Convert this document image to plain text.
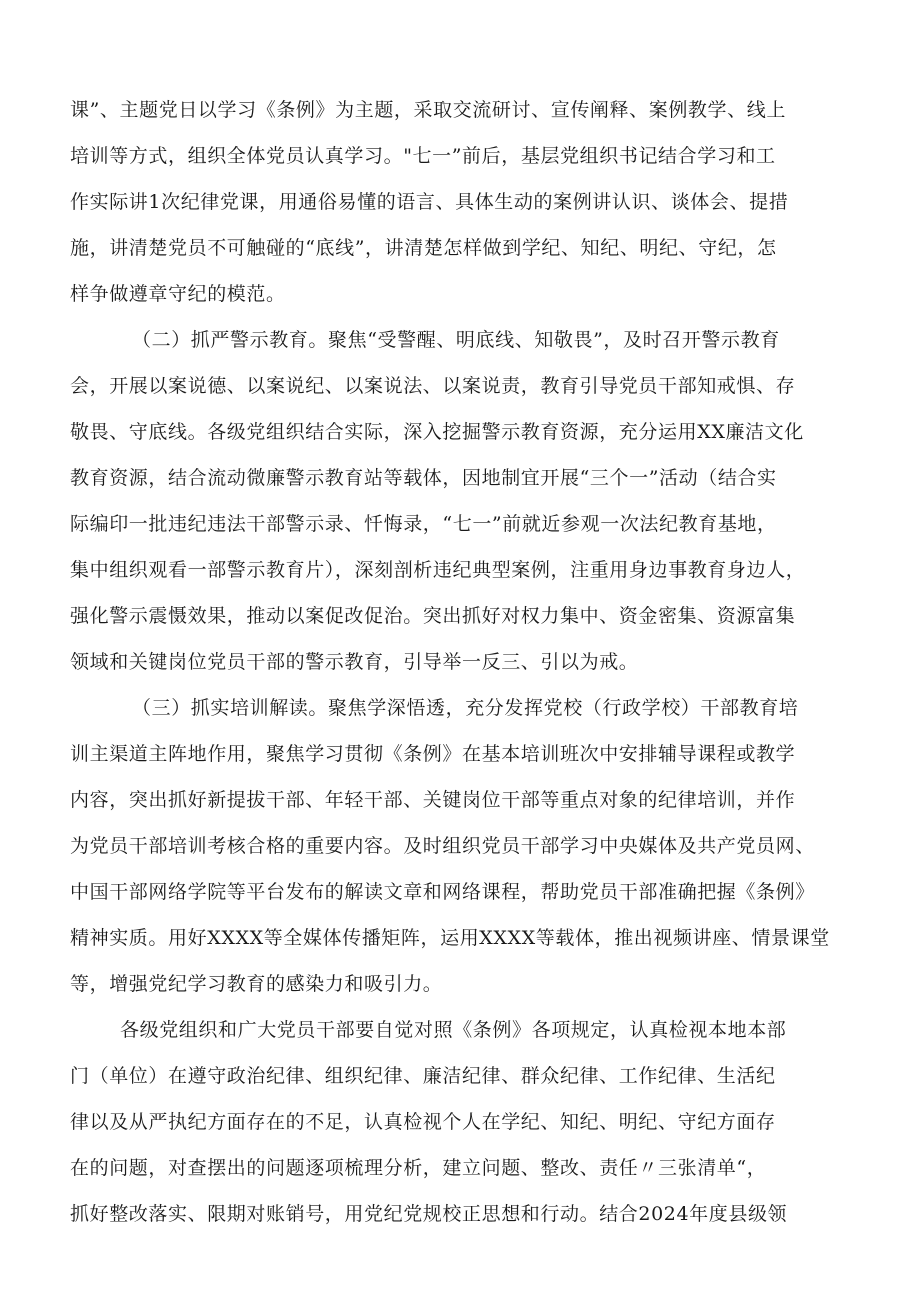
课”、主题党日以学习《条例》为主题，采取交流研讨、宣传阐释、案例教学、线上
培训等方式，组织全体党员认真学习。"七一”前后，基层党组织书记结合学习和工
作实际讲1次纪律党课，用通俗易懂的语言、具体生动的案例讲认识、谈体会、提措
施，讲清楚党员不可触碰的“底线”，讲清楚怎样做到学纪、知纪、明纪、守纪，怎
样争做遵章守纪的模范。
（二）抓严警示教育。聚焦“受警醒、明底线、知敬畏”，及时召开警示教育
会，开展以案说德、以案说纪、以案说法、以案说责，教育引导党员干部知戒惧、存
敬畏、守底线。各级党组织结合实际，深入挖掘警示教育资源，充分运用XX廉洁文化
教育资源，结合流动微廉警示教育站等载体，因地制宜开展“三个一”活动（结合实
际编印一批违纪违法干部警示录、忏悔录，“七一”前就近参观一次法纪教育基地，
集中组织观看一部警示教育片），深刻剖析违纪典型案例，注重用身边事教育身边人，
强化警示震慑效果，推动以案促改促治。突出抓好对权力集中、资金密集、资源富集
领域和关键岗位党员干部的警示教育，引导举一反三、引以为戒。
（三）抓实培训解读。聚焦学深悟透，充分发挥党校（行政学校）干部教育培
训主渠道主阵地作用，聚焦学习贯彻《条例》在基本培训班次中安排辅导课程或教学
内容，突出抓好新提拔干部、年轻干部、关键岗位干部等重点对象的纪律培训，并作
为党员干部培训考核合格的重要内容。及时组织党员干部学习中央媒体及共产党员网、
中国干部网络学院等平台发布的解读文章和网络课程，帮助党员干部准确把握《条例》
精神实质。用好XXXX等全媒体传播矩阵，运用XXXX等载体，推出视频讲座、情景课堂
等，增强党纪学习教育的感染力和吸引力。
各级党组织和广大党员干部要自觉对照《条例》各项规定，认真检视本地本部
门（单位）在遵守政治纪律、组织纪律、廉洁纪律、群众纪律、工作纪律、生活纪
律以及从严执纪方面存在的不足，认真检视个人在学纪、知纪、明纪、守纪方面存
在的问题，对查摆出的问题逐项梳理分析，建立问题、整改、责任〃三张清单“，
抓好整改落实、限期对账销号，用党纪党规校正思想和行动。结合2024年度县级领
